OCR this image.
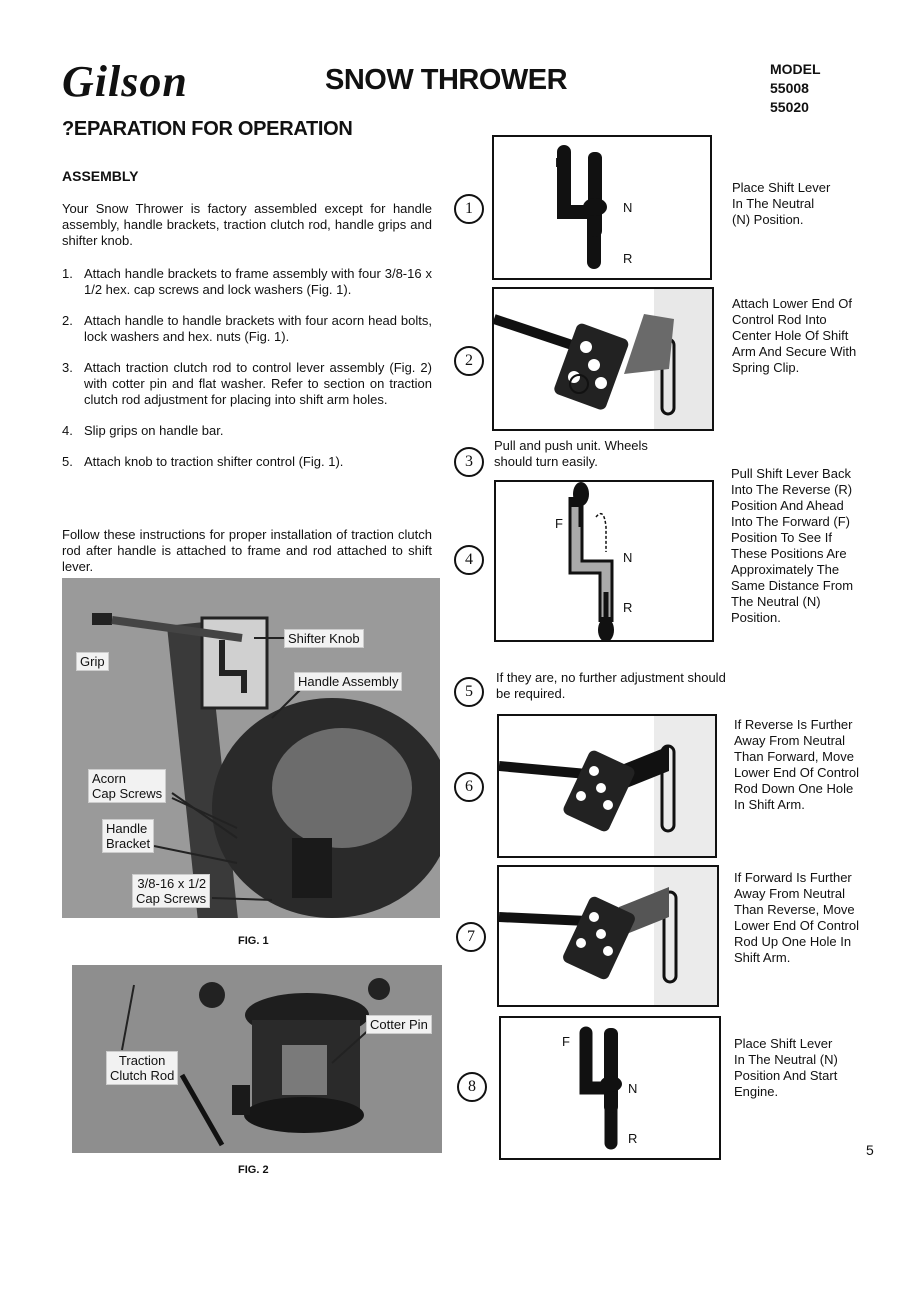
Gilson	SNOW THROWER	MODEL
55008
55020
?EPARATION FOR OPERATION
ASSEMBLY
Your Snow Thrower is factory assembled except for handle assembly, handle brackets, traction clutch rod, handle grips and shifter knob.
1. Attach handle brackets to frame assembly with four 3/8-16 x 1/2 hex. cap screws and lock washers (Fig. 1).
2. Attach handle to handle brackets with four acorn head bolts, lock washers and hex. nuts (Fig. 1).
3. Attach traction clutch rod to control lever assembly (Fig. 2) with cotter pin and flat washer. Refer to section on traction clutch rod adjustment for placing into shift arm holes.
4. Slip grips on handle bar.
5. Attach knob to traction shifter control (Fig. 1).
Follow these instructions for proper installation of traction clutch rod after handle is attached to frame and rod attached to shift lever.
Grip
Shifter Knob
Handle Assembly
Acorn
Cap Screws
Handle
Bracket
3/8-16 x 1/2
Cap Screws
FIG. 1
Cotter Pin
Traction
Clutch Rod
FIG. 2
1
F
N
R
Place Shift Lever In The Neutral (N) Position.
2
Attach Lower End Of Control Rod Into Center Hole Of Shift Arm And Secure With Spring Clip.
3
Pull and push unit. Wheels should turn easily.
4
F
N
R
Pull Shift Lever Back Into The Reverse (R) Position And Ahead Into The Forward (F) Position To See If These Positions Are Approximately The Same Distance From The Neutral (N) Position.
5
If they are, no further adjustment should be required.
6
If Reverse Is Further Away From Neutral Than Forward, Move Lower End Of Control Rod Down One Hole In Shift Arm.
7
If Forward Is Further Away From Neutral Than Reverse, Move Lower End Of Control Rod Up One Hole In Shift Arm.
8
F
N
R
Place Shift Lever In The Neutral (N) Position And Start Engine.
5
